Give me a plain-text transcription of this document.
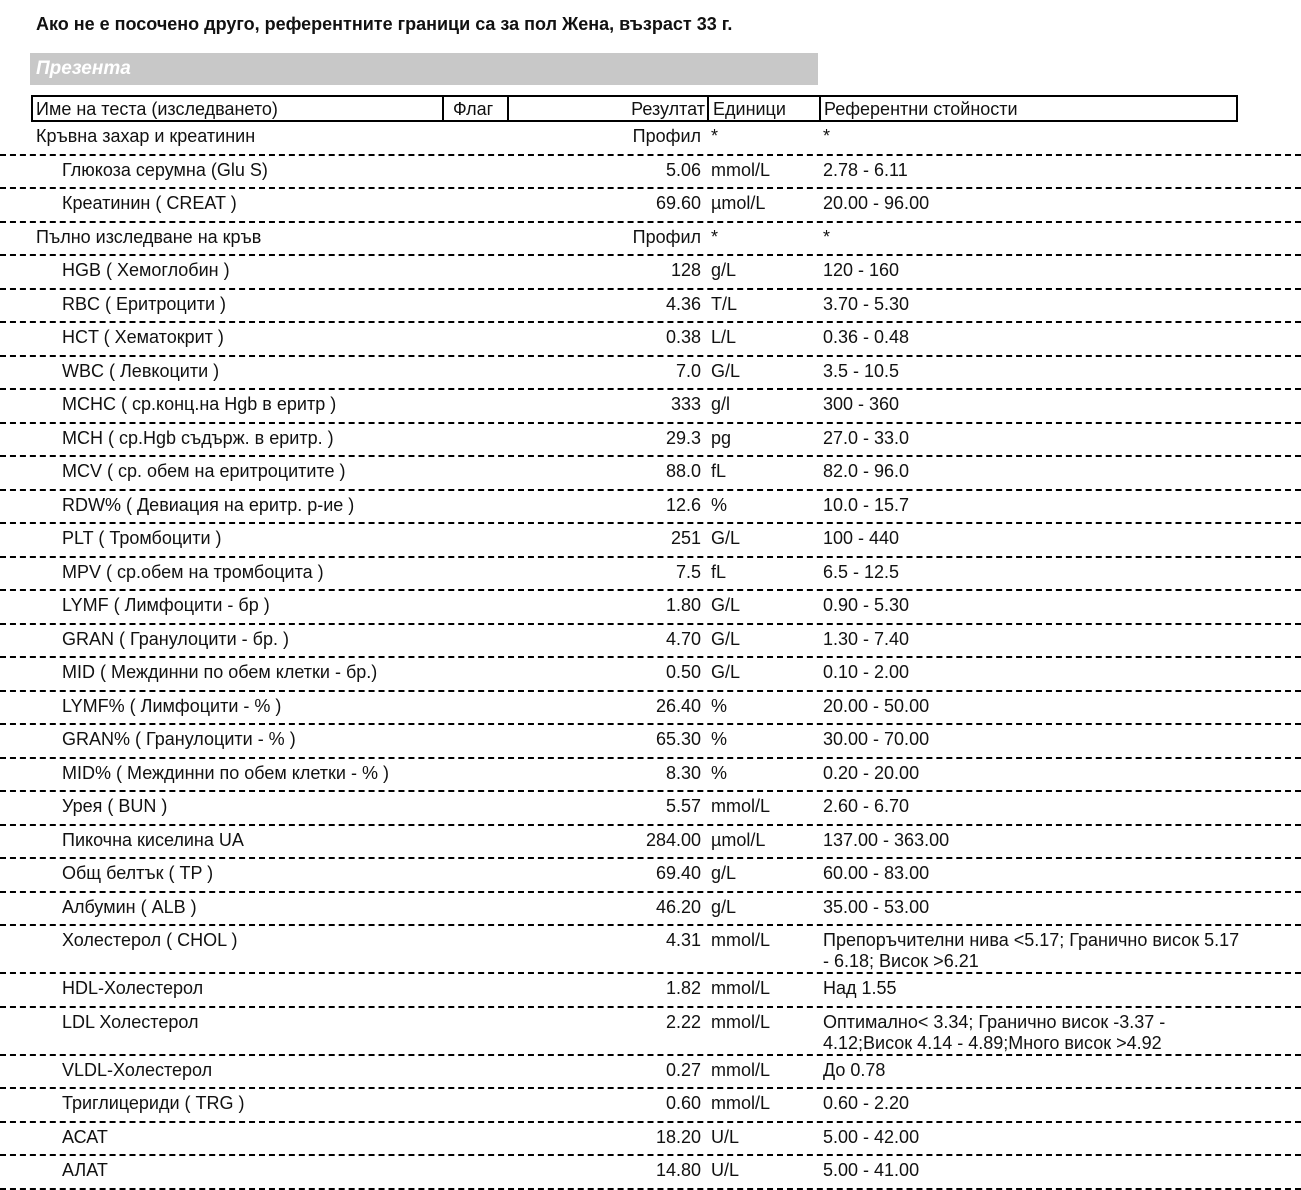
Ако не е посочено друго, референтните граници са за пол Жена, възраст 33 г.
Презента
Име на теста (изследването)	Флаг	Резултат Единици Референтни стойности
Кръвна захар и креатинин	Профил *	*
Глюкоза серумна (Glu S)	5.06 mmol/L	2.78 - 6.11
Креатинин ( CREAT )	69.60 µmol/L	20.00 - 96.00
Пълно изследване на кръв	Профил *	*
HGB ( Хемоглобин )	128 g/L	120 - 160
RBC ( Еритроцити )	4.36 T/L	3.70 - 5.30
HCT ( Хематокрит )	0.38 L/L	0.36 - 0.48
WBC ( Левкоцити )	7.0 G/L	3.5 - 10.5
MCHC ( ср.конц.на Hgb в еритр )	333 g/l	300 - 360
MCH ( ср.Hgb съдърж. в еритр. )	29.3 pg	27.0 - 33.0
MCV ( ср. обем на еритроцитите )	88.0 fL	82.0 - 96.0
RDW% ( Девиация на еритр. р-ие )	12.6 %	10.0 - 15.7
PLT ( Тромбоцити )	251 G/L	100 - 440
MPV ( ср.обем на тромбоцита )	7.5 fL	6.5 - 12.5
LYMF ( Лимфоцити - бр )	1.80 G/L	0.90 - 5.30
GRAN ( Гранулоцити - бр. )	4.70 G/L	1.30 - 7.40
MID ( Междинни по обем клетки - бр.)	0.50 G/L	0.10 - 2.00
LYMF% ( Лимфоцити - % )	26.40 %	20.00 - 50.00
GRAN% ( Гранулоцити - % )	65.30 %	30.00 - 70.00
MID% ( Междинни по обем клетки - % )	8.30 %	0.20 - 20.00
Урея ( BUN )	5.57 mmol/L	2.60 - 6.70
Пикочна киселина UA	284.00 µmol/L	137.00 - 363.00
Общ белтък ( TP )	69.40 g/L	60.00 - 83.00
Албумин ( ALB )	46.20 g/L	35.00 - 53.00
Холестерол ( CHOL )	4.31 mmol/L	Препоръчителни нива <5.17; Гранично висок 5.17 - 6.18; Висок >6.21
HDL-Холестерол	1.82 mmol/L	Над 1.55
LDL Холестерол	2.22 mmol/L	Оптимално< 3.34; Гранично висок -3.37 - 4.12;Висок 4.14 - 4.89;Много висок >4.92
VLDL-Холестерол	0.27 mmol/L	До 0.78
Триглицериди ( TRG )	0.60 mmol/L	0.60 - 2.20
АСАТ	18.20 U/L	5.00 - 42.00
АЛАТ	14.80 U/L	5.00 - 41.00
